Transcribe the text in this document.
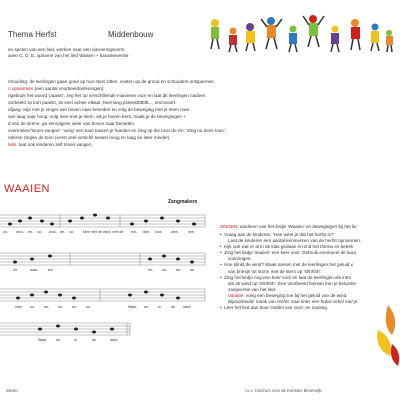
Thema Herfst	Middenbouw
en spelen van een lied, werken naar een uitvoeringsvorm
aven C, D, E, opname van het lied Waaien + karaokeversie
nhouding: de leerlingen gaan goed op hun stoel zitten, voeten op de grond en schouders ontspannen.
n opwarmen (een aantal voorbeeldoefeningen):
ngebruik het woord 'paasst', zeg het op verschillende manieren voor en laat dit leerlingen nadoen.
oorbeeld 3x kort paasst, 3x snel achter elkaar, heel lang psssssttttttttt..., enzovoort.
ofjaag: wijs met je vinger van boven naar beneden en volg de beweging met je stem mee.
van laag naar hoog: volg mee met je stem, als je boven bent, maak je de bewegingen +
d van de sirene, ga vervolgens weer van boven naar beneden.
overmelen/'tonen vangen': 'vang' een toon tussen je handen en zing op die toon de zin: 'Zing nu deze toon',
nderen zingen de toon (eerst veel verschil tussen hoog en laag en later minder).
latie: laat ook kinderen zelf tonen vangen.
WAAIEN
Zangmakers
zo, woo- ee- oo, woo- ee- oo.	Mee met de wind, met de ein- dee- loos	wee-	zee.
Ze	waa-	ien	ee- oo- ee- oo
wee- oo- ee- oo- ee- oo	Waai- en	in	de wind.
Waai- en	in	de	wind.
ZINGEN: aanleren van het liedje 'Waaien' en bewegingen bij het lie
•  Vraag aan de kinderen: 'Hoe weet je dat het herfst is?'
Laat de kinderen een aantal kenmerken van de herfst opnoemen.
•  Kijk ook wat er al in de klas gedaan is rond het thema en betrek
•  Zing het liedje 'waaien' een keer voor. Gebruik eventueel de kara
voorzingen.
•  Hoe klinkt de wind? Maak samen met de leerlingen het geluid v
van briesje tot storm met de stem op 'shhhhh'.
•  Zing het liedje nog een keer voor en laat de leerlingen als intro
als de wind op 'shhhhh'. Een voorbeeld hiervan kun je beluister
zangversie van het lied.
Variatie: voeg een beweging toe bij het geluid van de wind.
Bijvoorbeeld: maak van rechts naar links een halve cirkel met je
•  Leer het lied aan door middel van voor- en nazang.
Weser	i.o.v. Centrum voor de Kunsten Beverwijk.
